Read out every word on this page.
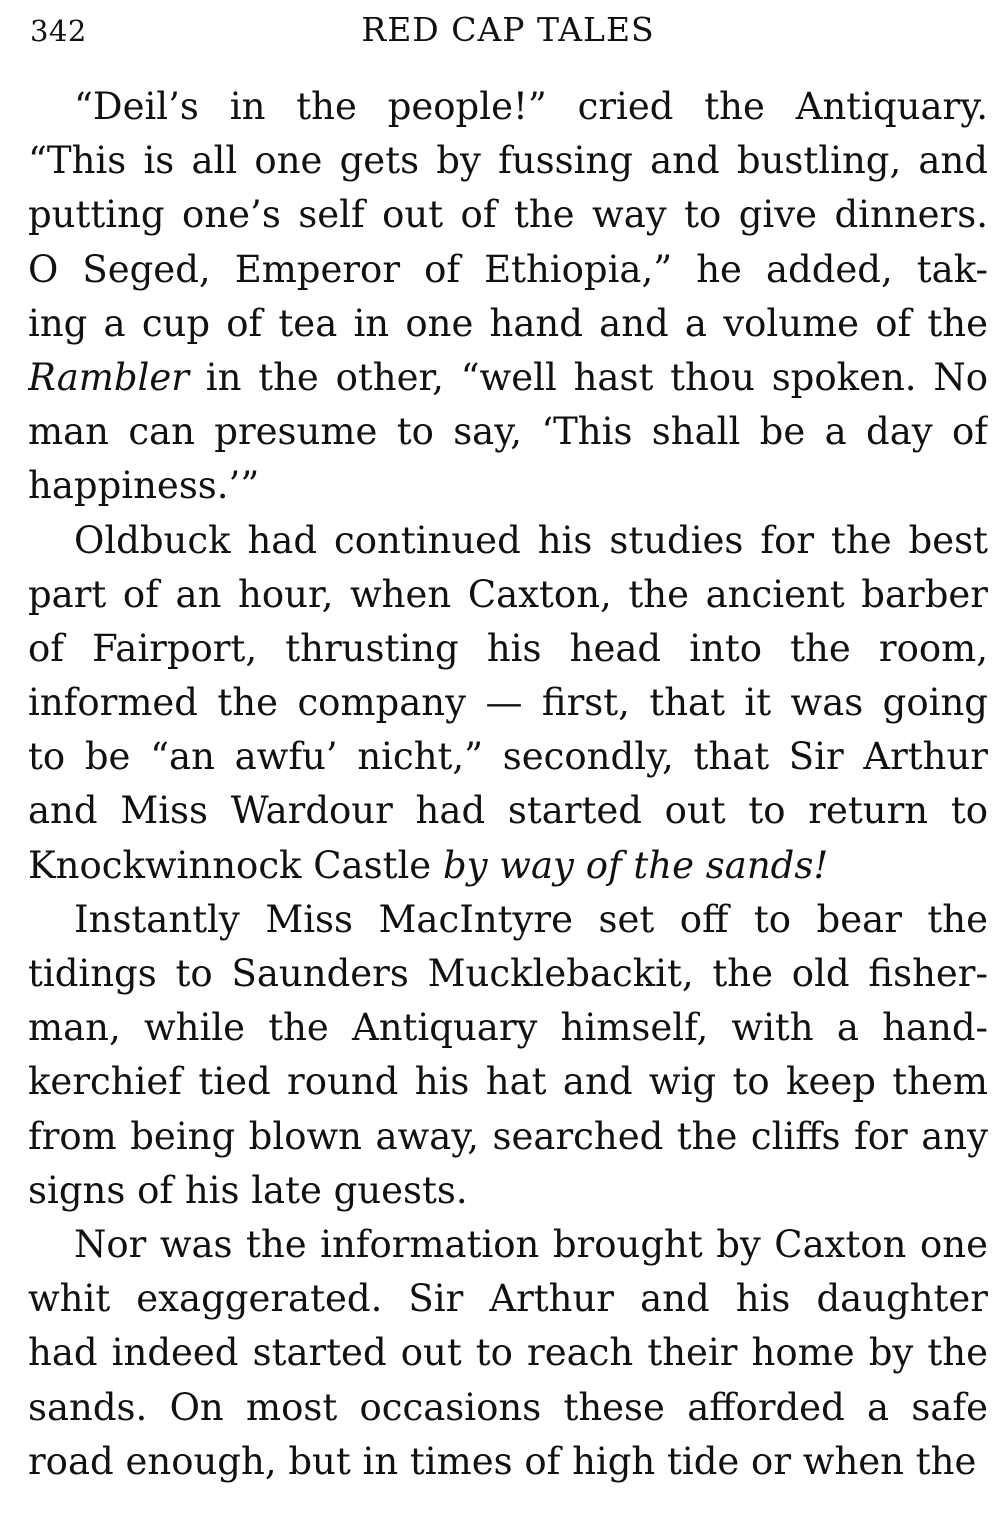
342	RED CAP TALES
“Deil’s in the people!” cried the Antiquary.
“This is all one gets by fussing and bustling, and
putting one’s self out of the way to give dinners.
O Seged, Emperor of Ethiopia,” he added, tak-
ing a cup of tea in one hand and a volume of the
Rambler in the other, “well hast thou spoken. No
man can presume to say, ‘This shall be a day of
happiness.’”
Oldbuck had continued his studies for the best
part of an hour, when Caxton, the ancient barber
of Fairport, thrusting his head into the room,
informed the company — first, that it was going
to be “an awfu’ nicht,” secondly, that Sir Arthur
and Miss Wardour had started out to return to
Knockwinnock Castle by way of the sands!
Instantly Miss MacIntyre set off to bear the
tidings to Saunders Mucklebackit, the old fisher-
man, while the Antiquary himself, with a hand-
kerchief tied round his hat and wig to keep them
from being blown away, searched the cliffs for any
signs of his late guests.
Nor was the information brought by Caxton one
whit exaggerated. Sir Arthur and his daughter
had indeed started out to reach their home by the
sands. On most occasions these afforded a safe
road enough, but in times of high tide or when the
